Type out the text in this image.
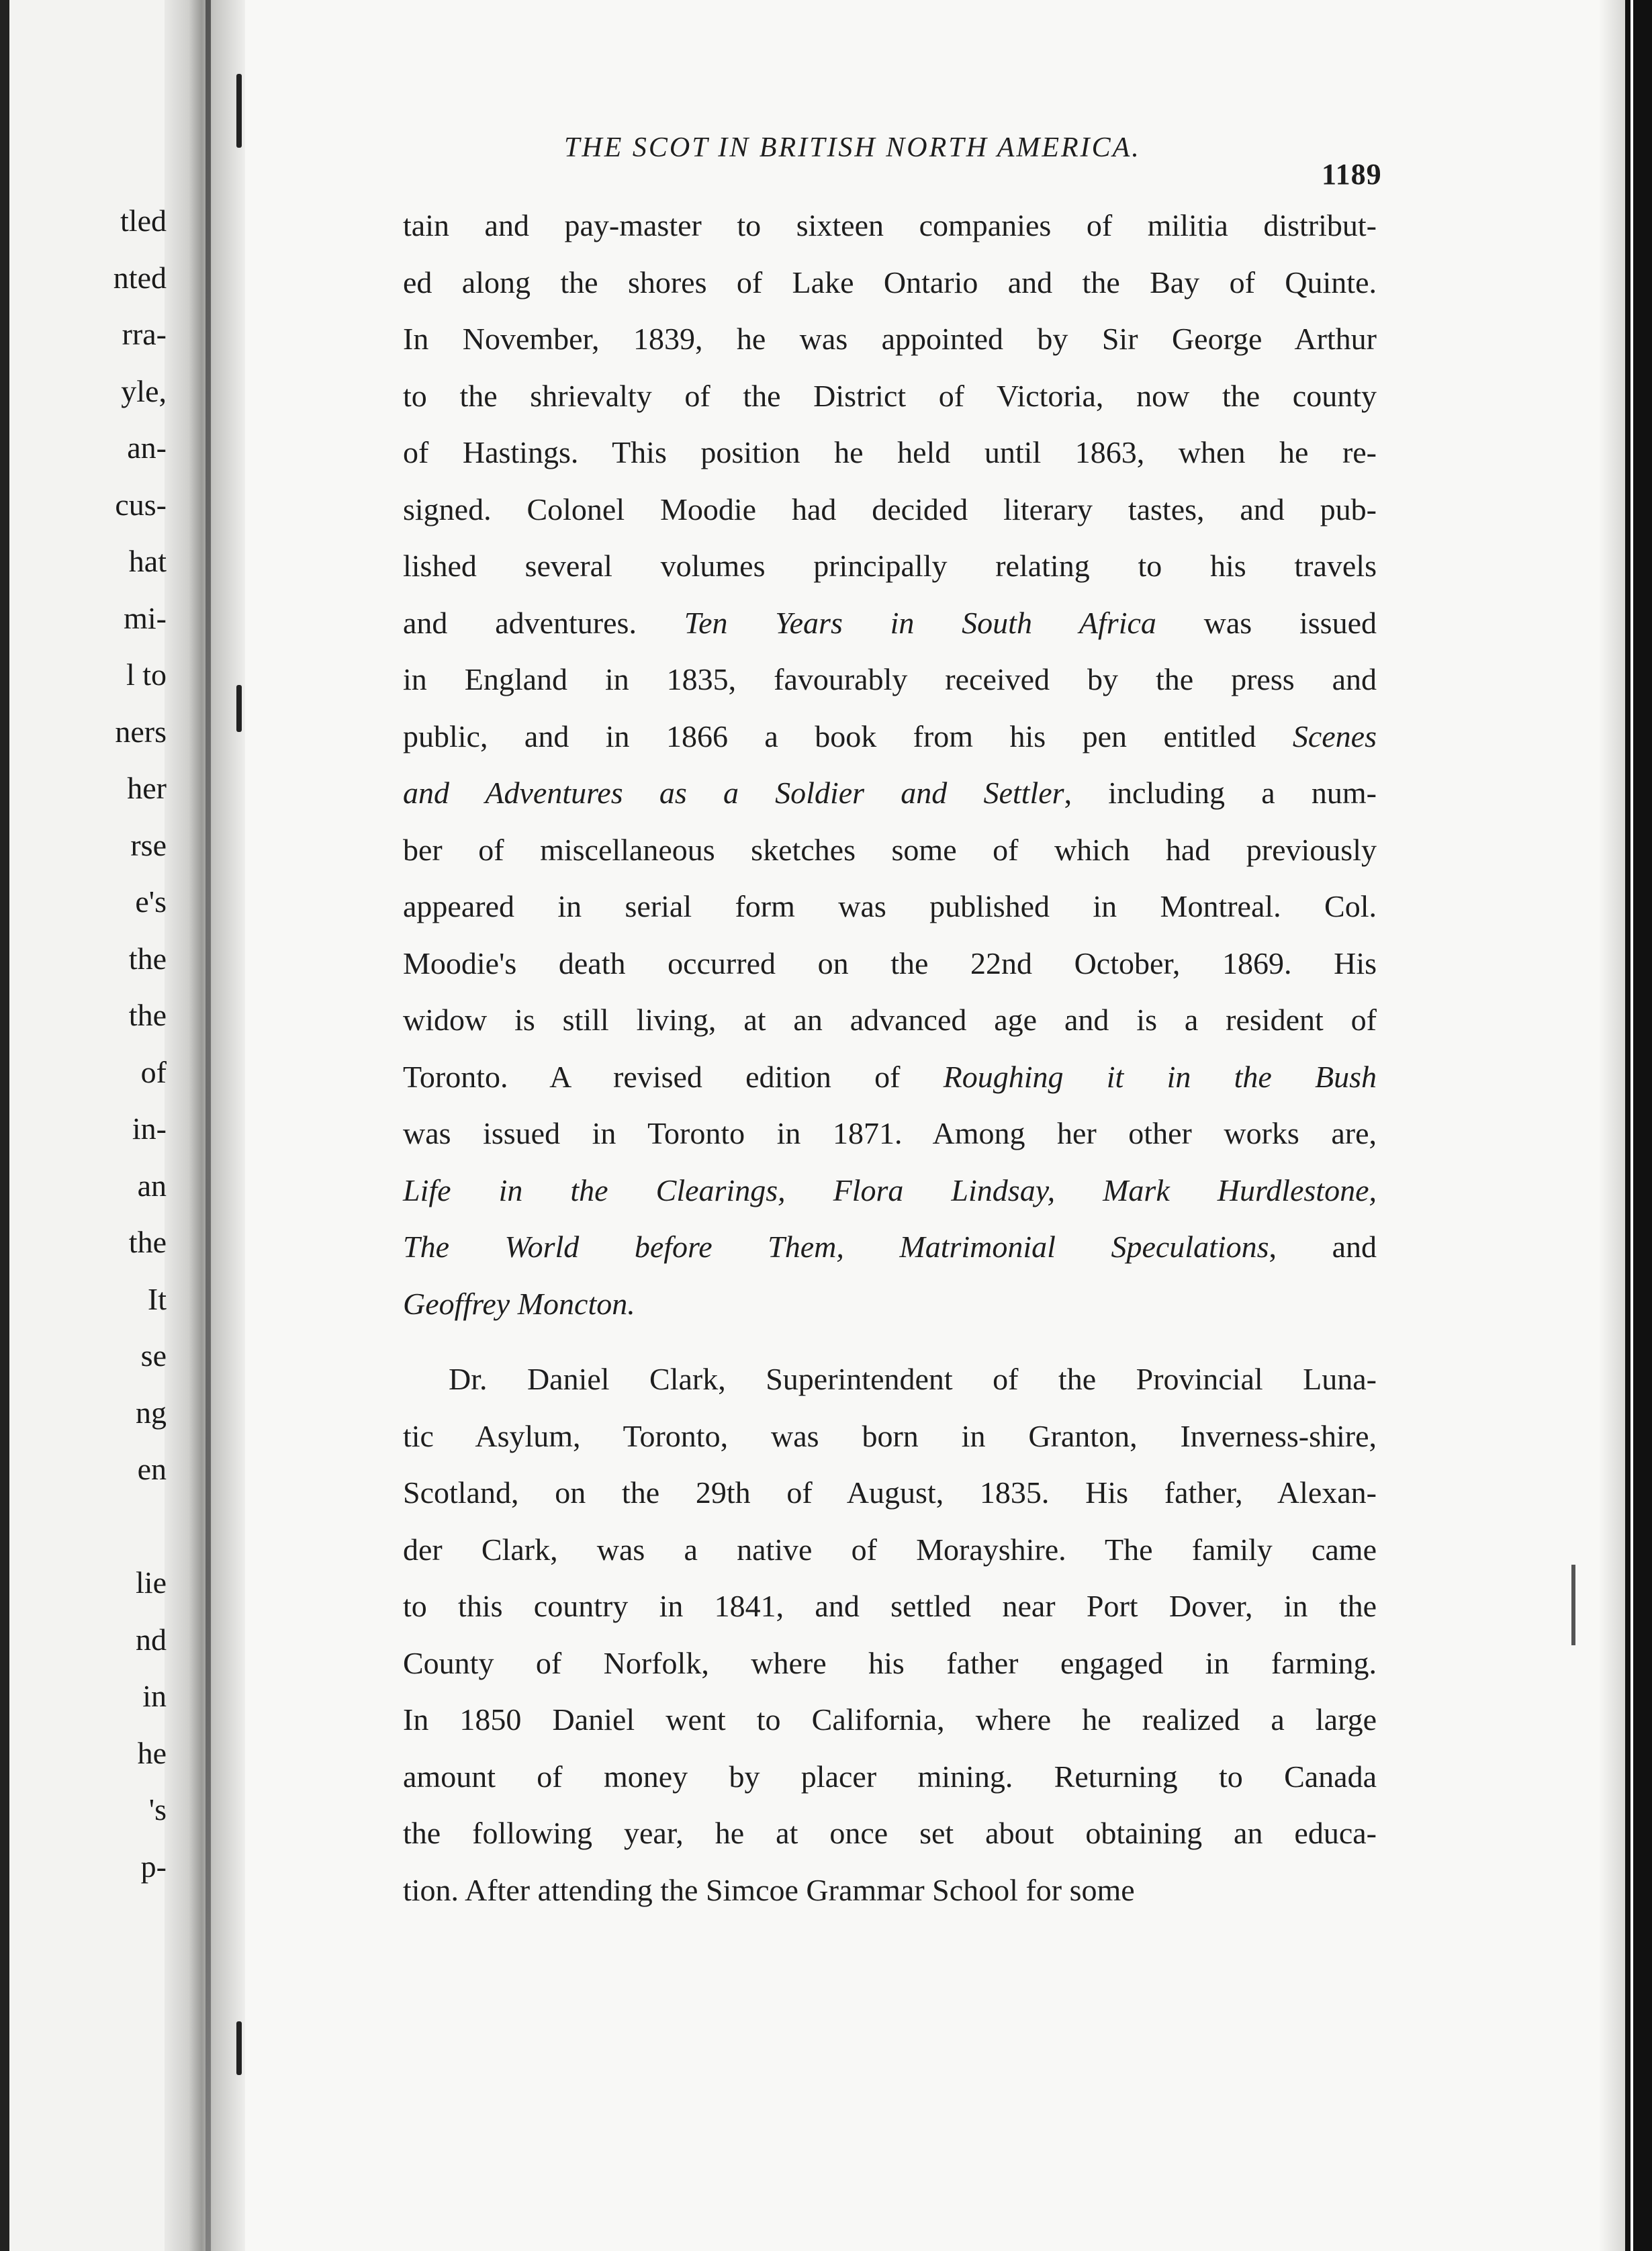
tled
nted
rra-
yle,
an-
cus-
hat
mi-
l to
ners
her
rse
e's
the
the
of
in-
an
the
It
se
ng
en
lie
nd
in
he
's
p-
THE SCOT IN BRITISH NORTH AMERICA.
1189
tain and pay-master to sixteen companies of militia distribut-
ed along the shores of Lake Ontario and the Bay of Quinte.
In November, 1839, he was appointed by Sir George Arthur
to the shrievalty of the District of Victoria, now the county
of Hastings. This position he held until 1863, when he re-
signed. Colonel Moodie had decided literary tastes, and pub-
lished several volumes principally relating to his travels
and adventures. Ten Years in South Africa was issued
in England in 1835, favourably received by the press and
public, and in 1866 a book from his pen entitled Scenes
and Adventures as a Soldier and Settler, including a num-
ber of miscellaneous sketches some of which had previously
appeared in serial form was published in Montreal. Col.
Moodie's death occurred on the 22nd October, 1869. His
widow is still living, at an advanced age and is a resident of
Toronto. A revised edition of Roughing it in the Bush
was issued in Toronto in 1871. Among her other works are,
Life in the Clearings, Flora Lindsay, Mark Hurdlestone,
The World before Them, Matrimonial Speculations, and
Geoffrey Moncton.
Dr. Daniel Clark, Superintendent of the Provincial Luna-
tic Asylum, Toronto, was born in Granton, Inverness-shire,
Scotland, on the 29th of August, 1835. His father, Alexan-
der Clark, was a native of Morayshire. The family came
to this country in 1841, and settled near Port Dover, in the
County of Norfolk, where his father engaged in farming.
In 1850 Daniel went to California, where he realized a large
amount of money by placer mining. Returning to Canada
the following year, he at once set about obtaining an educa-
tion. After attending the Simcoe Grammar School for some
